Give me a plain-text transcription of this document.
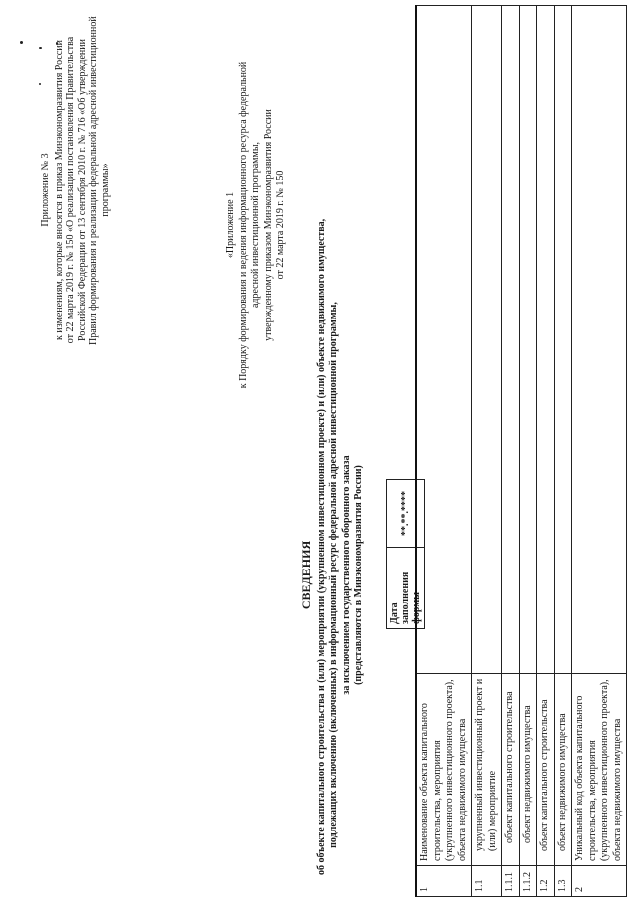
Приложение № 3 к изменениям, которые вносятся в приказ Минэкономразвития России от 22 марта 2019 г. № 150 «О реализации постановления Правительства Российской Федерации от 13 сентября 2010 г. № 716 «Об утверждении Правил формирования и реализации федеральной адресной инвестиционной программы»
«Приложение 1 к Порядку формирования и ведения информационного ресурса федеральной адресной инвестиционной программы, утвержденному приказом Минэкономразвития России от 22 марта 2019 г. № 150
СВЕДЕНИЯ об объекте капитального строительства и (или) мероприятии (укрупненном инвестиционном проекте) и (или) объекте недвижимого имущества, подлежащих включению (включенных) в информационный ресурс федеральной адресной инвестиционной программы, за исключением государственного оборонного заказа (представляются в Минэкономразвития России)	Дата заполнения формы	**.**.****
1	Наименование объекта капитального строительства, мероприятия (укрупненного инвестиционного проекта), объекта недвижимого имущества	
1.1	укрупненный инвестиционный проект и (или) мероприятие	
1.1.1	объект капитального строительства	
1.1.2	объект недвижимого имущества	
1.2	объект капитального строительства	
1.3	объект недвижимого имущества	
2	Уникальный код объекта капитального строительства, мероприятия (укрупненного инвестиционного проекта), объекта недвижимого имущества	
